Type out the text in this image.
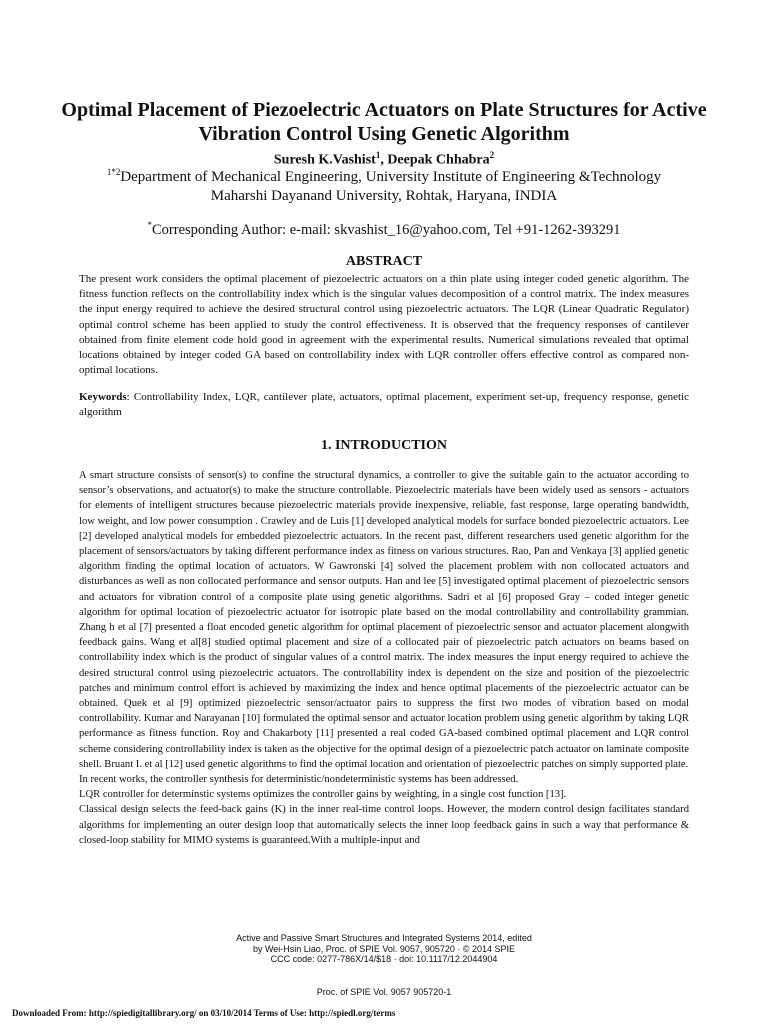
Optimal Placement of Piezoelectric Actuators on Plate Structures for Active Vibration Control Using Genetic Algorithm
Suresh K.Vashist$^1$, Deepak Chhabra$^2$
$^{1*2}$Department of Mechanical Engineering, University Institute of Engineering &Technology
Maharshi Dayanand University, Rohtak, Haryana, INDIA
*Corresponding Author: e-mail: skvashist_16@yahoo.com, Tel +91-1262-393291
ABSTRACT

The present work considers the optimal placement of piezoelectric actuators on a thin plate using integer coded genetic algorithm. The fitness function reflects on the controllability index which is the singular values decomposition of a control matrix. The index measures the input energy required to achieve the desired structural control using piezoelectric actuators. The LQR (Linear Quadratic Regulator) optimal control scheme has been applied to study the control effectiveness. It is observed that the frequency responses of cantilever obtained from finite element code hold good in agreement with the experimental results. Numerical simulations revealed that optimal locations obtained by integer coded GA based on controllability index with LQR controller offers effective control as compared non-optimal locations.

Keywords: Controllability Index, LQR, cantilever plate, actuators, optimal placement, experiment set-up, frequency response, genetic algorithm

1. INTRODUCTION

A smart structure consists of sensor(s) to confine the structural dynamics, a controller to give the suitable gain to the actuator according to sensor’s observations, and actuator(s) to make the structure controllable. Piezoelectric materials have been widely used as sensors - actuators for elements of intelligent structures because piezoelectric materials provide inexpensive, reliable, fast response, large operating bandwidth, low weight, and low power consumption . Crawley and de Luis [1] developed analytical models for surface bonded piezoelectric actuators. Lee [2] developed analytical models for embedded piezoelectric actuators. In the recent past, different researchers used genetic algorithm for the placement of sensors/actuators by taking different performance index as fitness on various structures. Rao, Pan and Venkaya [3] applied genetic algorithm finding the optimal location of actuators. W Gawronski [4] solved the placement problem with non collocated actuators and disturbances as well as non collocated performance and sensor outputs. Han and lee [5] investigated optimal placement of piezoelectric sensors and actuators for vibration control of a composite plate using genetic algorithms. Sadri et al [6] proposed Gray – coded integer genetic algorithm for optimal location of piezoelectric actuator for isotropic plate based on the modal controllability and controllability grammian. Zhang h et al [7] presented a float encoded genetic algorithm for optimal placement of piezoelectric sensor and actuator placement alongwith feedback gains. Wang et al[8] studied optimal placement and size of a collocated pair of piezoelectric patch actuators on beams based on controllability index which is the product of singular values of a control matrix. The index measures the input energy required to achieve the desired structural control using piezoelectric actuators. The controllability index is dependent on the size and position of the piezoelectric patches and minimum control effort is achieved by maximizing the index and hence optimal placements of the piezoelectric actuator can be obtained. Quek et al [9] optimized piezoelectric sensor/actuator pairs to suppress the first two modes of vibration based on modal controllability. Kumar and Narayanan [10] formulated the optimal sensor and actuator location problem using genetic algorithm by taking LQR performance as fitness function. Roy and Chakarboty [11] presented a real coded GA-based combined optimal placement and LQR control scheme considering controllability index is taken as the objective for the optimal design of a piezoelectric patch actuator on laminate composite shell. Bruant I. et al [12] used genetic algorithms to find the optimal location and orientation of piezoelectric patches on simply supported plate.

In recent works, the controller synthesis for deterministic/nondeterministic systems has been addressed.

LQR controller for determinstic systems optimizes the controller gains by weighting, in a single cost function [13].

Classical design selects the feed-back gains (K) in the inner real-time control loops. However, the modern control design facilitates standard algorithms for implementing an outer design loop that automatically selects the inner loop feedback gains in such a way that performance & closed-loop stability for MIMO systems is guaranteed.With a multiple-input and

Active and Passive Smart Structures and Integrated Systems 2014, edited
by Wei-Hsin Liao, Proc. of SPIE Vol. 9057, 905720 · © 2014 SPIE
CCC code: 0277-786X/14/$18 · doi: 10.1117/12.2044904
Proc. of SPIE Vol. 9057 905720-1
Downloaded From: http://spiedigitallibrary.org/ on 03/10/2014 Terms of Use: http://spiedl.org/terms
